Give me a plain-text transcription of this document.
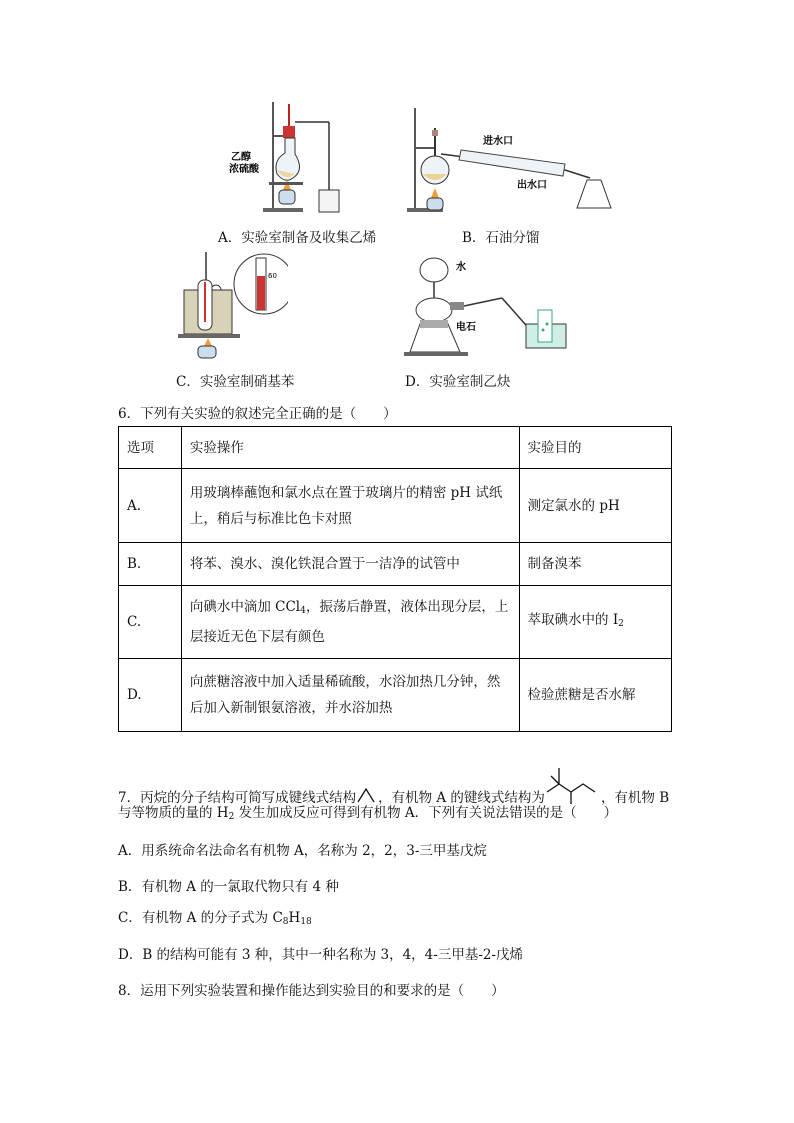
乙醇
浓硫酸
A．实验室制备及收集乙烯
进水口
出水口
B．石油分馏
60
C．实验室制硝基苯
水
电石
D．实验室制乙炔
6．下列有关实验的叙述完全正确的是（　　）
选项	实验操作	实验目的
A.	用玻璃棒蘸饱和氯水点在置于玻璃片的精密 pH 试纸
上，稍后与标准比色卡对照	测定氯水的 pH
B.	将苯、溴水、溴化铁混合置于一洁净的试管中	制备溴苯
C.	向碘水中滴加 CCl$_4$，振荡后静置，液体出现分层，上
层接近无色下层有颜色	萃取碘水中的 $I_2$
D.	向蔗糖溶液中加入适量稀硫酸，水浴加热几分钟，然
后加入新制银氨溶液，并水浴加热	检验蔗糖是否水解
7．丙烷的分子结构可简写成键线式结构 ，有机物 A 的键线式结构为	，有机物 B
与等物质的量的 $H_2$ 发生加成反应可得到有机物 A．下列有关说法错误的是（　　）
A．用系统命名法命名有机物 A，名称为 2，2，3-三甲基戊烷
B．有机物 A 的一氯取代物只有 4 种
C．有机物 A 的分子式为 $C_8H_{18}$
D．B 的结构可能有 3 种，其中一种名称为 3，4，4-三甲基-2-戊烯
8．运用下列实验装置和操作能达到实验目的和要求的是（　　）
